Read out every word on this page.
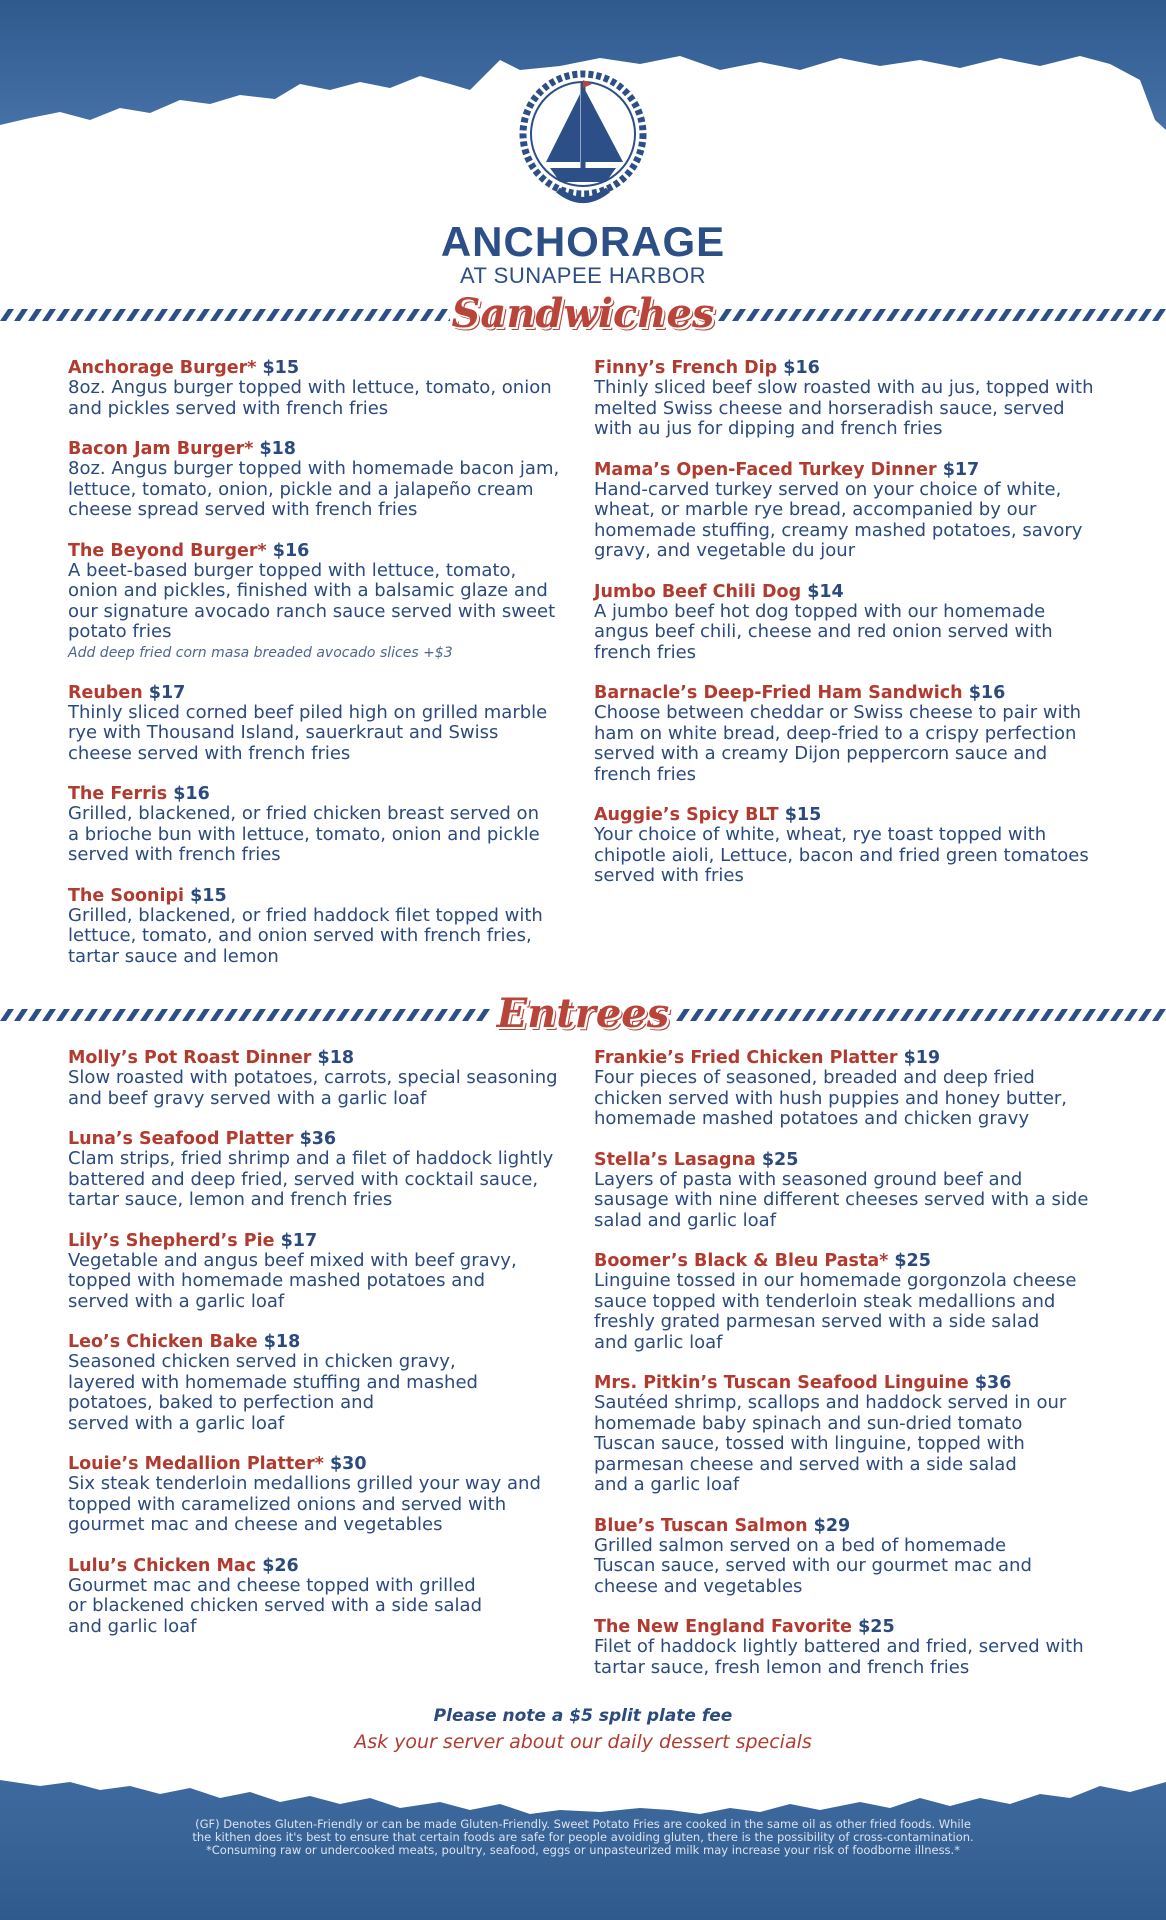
ANCHORAGE
AT SUNAPEE HARBOR
Sandwiches
Anchorage Burger* $15
8oz. Angus burger topped with lettuce, tomato, onion
and pickles served with french fries
Bacon Jam Burger* $18
8oz. Angus burger topped with homemade bacon jam,
lettuce, tomato, onion, pickle and a jalapeño cream
cheese spread served with french fries
The Beyond Burger* $16
A beet-based burger topped with lettuce, tomato,
onion and pickles, finished with a balsamic glaze and
our signature avocado ranch sauce served with sweet
potato fries
Add deep fried corn masa breaded avocado slices +$3
Reuben $17
Thinly sliced corned beef piled high on grilled marble
rye with Thousand Island, sauerkraut and Swiss
cheese served with french fries
The Ferris $16
Grilled, blackened, or fried chicken breast served on
a brioche bun with lettuce, tomato, onion and pickle
served with french fries
The Soonipi $15
Grilled, blackened, or fried haddock filet topped with
lettuce, tomato, and onion served with french fries,
tartar sauce and lemon
Finny’s French Dip $16
Thinly sliced beef slow roasted with au jus, topped with
melted Swiss cheese and horseradish sauce, served
with au jus for dipping and french fries
Mama’s Open-Faced Turkey Dinner $17
Hand-carved turkey served on your choice of white,
wheat, or marble rye bread, accompanied by our
homemade stuffing, creamy mashed potatoes, savory
gravy, and vegetable du jour
Jumbo Beef Chili Dog $14
A jumbo beef hot dog topped with our homemade
angus beef chili, cheese and red onion served with
french fries
Barnacle’s Deep-Fried Ham Sandwich $16
Choose between cheddar or Swiss cheese to pair with
ham on white bread, deep-fried to a crispy perfection
served with a creamy Dijon peppercorn sauce and
french fries
Auggie’s Spicy BLT $15
Your choice of white, wheat, rye toast topped with
chipotle aioli, Lettuce, bacon and fried green tomatoes
served with fries
Entrees
Molly’s Pot Roast Dinner $18
Slow roasted with potatoes, carrots, special seasoning
and beef gravy served with a garlic loaf
Luna’s Seafood Platter $36
Clam strips, fried shrimp and a filet of haddock lightly
battered and deep fried, served with cocktail sauce,
tartar sauce, lemon and french fries
Lily’s Shepherd’s Pie $17
Vegetable and angus beef mixed with beef gravy,
topped with homemade mashed potatoes and
served with a garlic loaf
Leo’s Chicken Bake $18
Seasoned chicken served in chicken gravy,
layered with homemade stuffing and mashed
potatoes, baked to perfection and
served with a garlic loaf
Louie’s Medallion Platter* $30
Six steak tenderloin medallions grilled your way and
topped with caramelized onions and served with
gourmet mac and cheese and vegetables
Lulu’s Chicken Mac $26
Gourmet mac and cheese topped with grilled
or blackened chicken served with a side salad
and garlic loaf
Frankie’s Fried Chicken Platter $19
Four pieces of seasoned, breaded and deep fried
chicken served with hush puppies and honey butter,
homemade mashed potatoes and chicken gravy
Stella’s Lasagna $25
Layers of pasta with seasoned ground beef and
sausage with nine different cheeses served with a side
salad and garlic loaf
Boomer’s Black & Bleu Pasta* $25
Linguine tossed in our homemade gorgonzola cheese
sauce topped with tenderloin steak medallions and
freshly grated parmesan served with a side salad
and garlic loaf
Mrs. Pitkin’s Tuscan Seafood Linguine $36
Sautéed shrimp, scallops and haddock served in our
homemade baby spinach and sun-dried tomato
Tuscan sauce, tossed with linguine, topped with
parmesan cheese and served with a side salad
and a garlic loaf
Blue’s Tuscan Salmon $29
Grilled salmon served on a bed of homemade
Tuscan sauce, served with our gourmet mac and
cheese and vegetables
The New England Favorite $25
Filet of haddock lightly battered and fried, served with
tartar sauce, fresh lemon and french fries
Please note a $5 split plate fee
Ask your server about our daily dessert specials
(GF) Denotes Gluten-Friendly or can be made Gluten-Friendly. Sweet Potato Fries are cooked in the same oil as other fried foods. While
the kithen does it's best to ensure that certain foods are safe for people avoiding gluten, there is the possibility of cross-contamination.
*Consuming raw or undercooked meats, poultry, seafood, eggs or unpasteurized milk may increase your risk of foodborne illness.*
